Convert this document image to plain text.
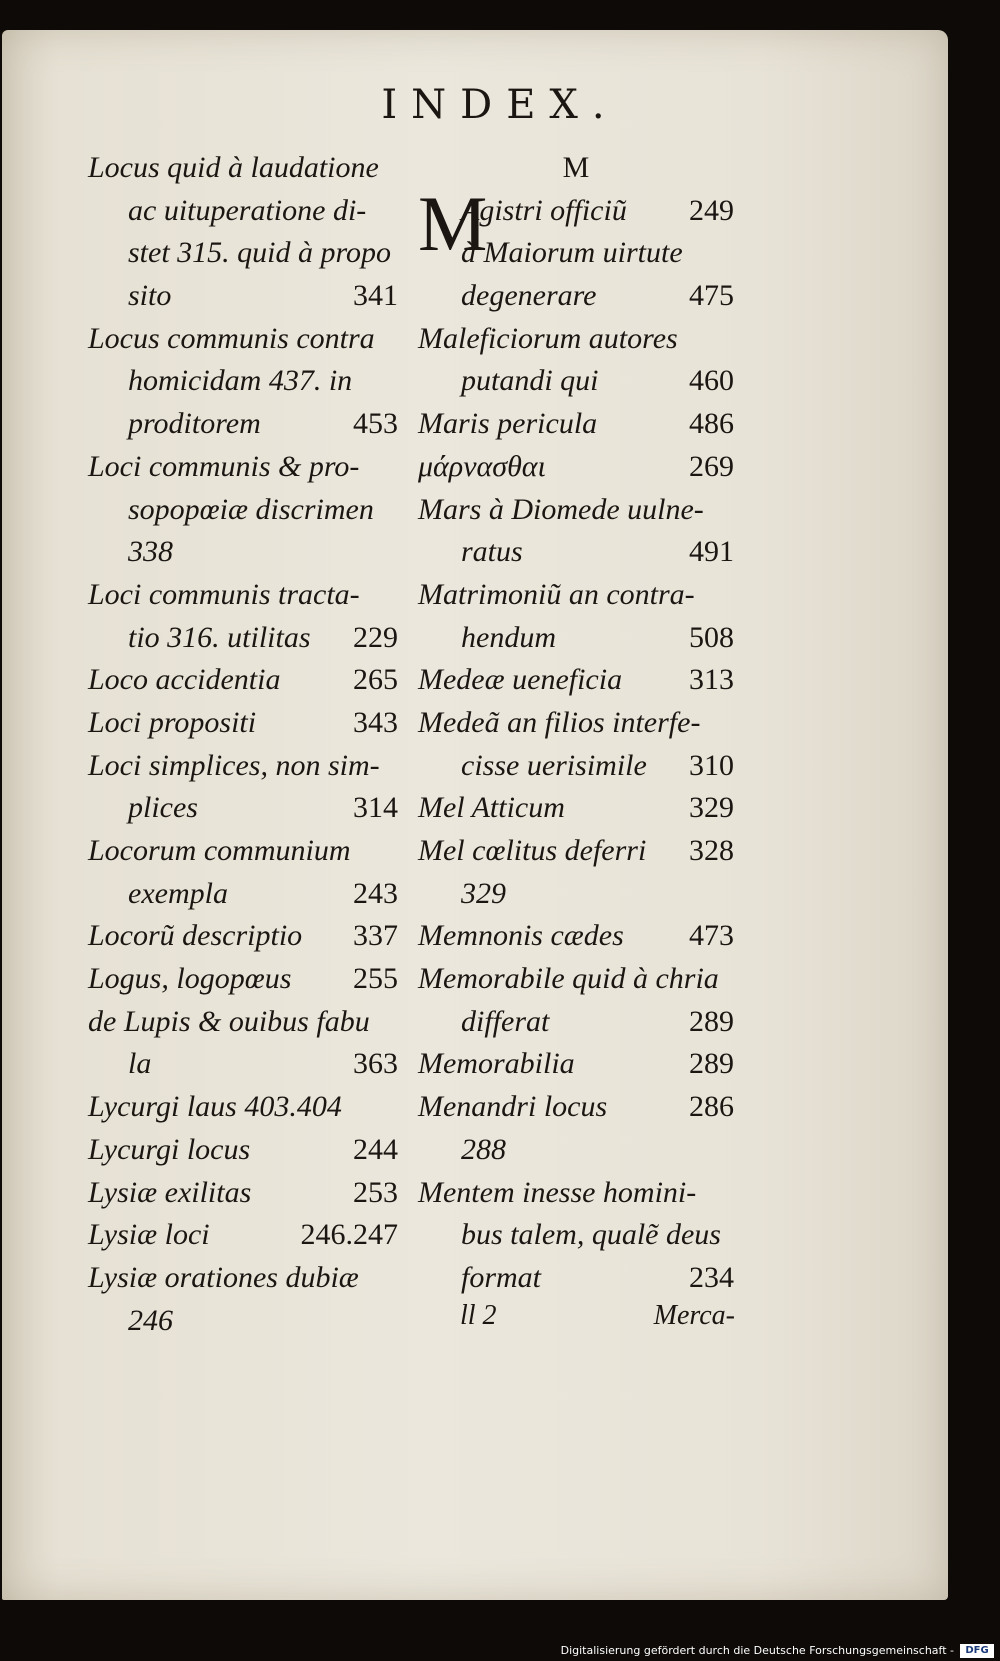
INDEX.
Locus quid à laudatione
ac uituperatione di-
stet 315. quid à propo
sito	341
Locus communis contra
homicidam 437. in
proditorem	453
Loci communis & pro-
sopopœiæ discrimen
338
Loci communis tracta-
tio 316. utilitas 229
Loco accidentia 265
Loci propositi	343
Loci simplices, non sim-
plices	314
Locorum communium
exempla	243
Locorũ descriptio 337
Logus, logopœus 255
de Lupis & ouibus fabu
la	363
Lycurgi laus 403.404
Lycurgi locus	244
Lysiæ exilitas	253
Lysiæ loci	246.247
Lysiæ orationes dubiæ
246
M
M
Agistri officiũ 249
à Maiorum uirtute
degenerare	475
Maleficiorum autores
putandi qui	460
Maris pericula	486
μάρνασθαι	269
Mars à Diomede uulne-
ratus	491
Matrimoniũ an contra-
hendum	508
Medeæ ueneficia 313
Medeã an filios interfe-
cisse uerisimile 310
Mel Atticum	329
Mel cœlitus deferri 328
329
Memnonis cædes 473
Memorabile quid à chria
differat	289
Memorabilia	289
Menandri locus	286
288
Mentem inesse homini-
bus talem, qualẽ deus
format	234
ll 2	Merca-
Digitalisierung gefördert durch die Deutsche Forschungsgemeinschaft -	DFG
